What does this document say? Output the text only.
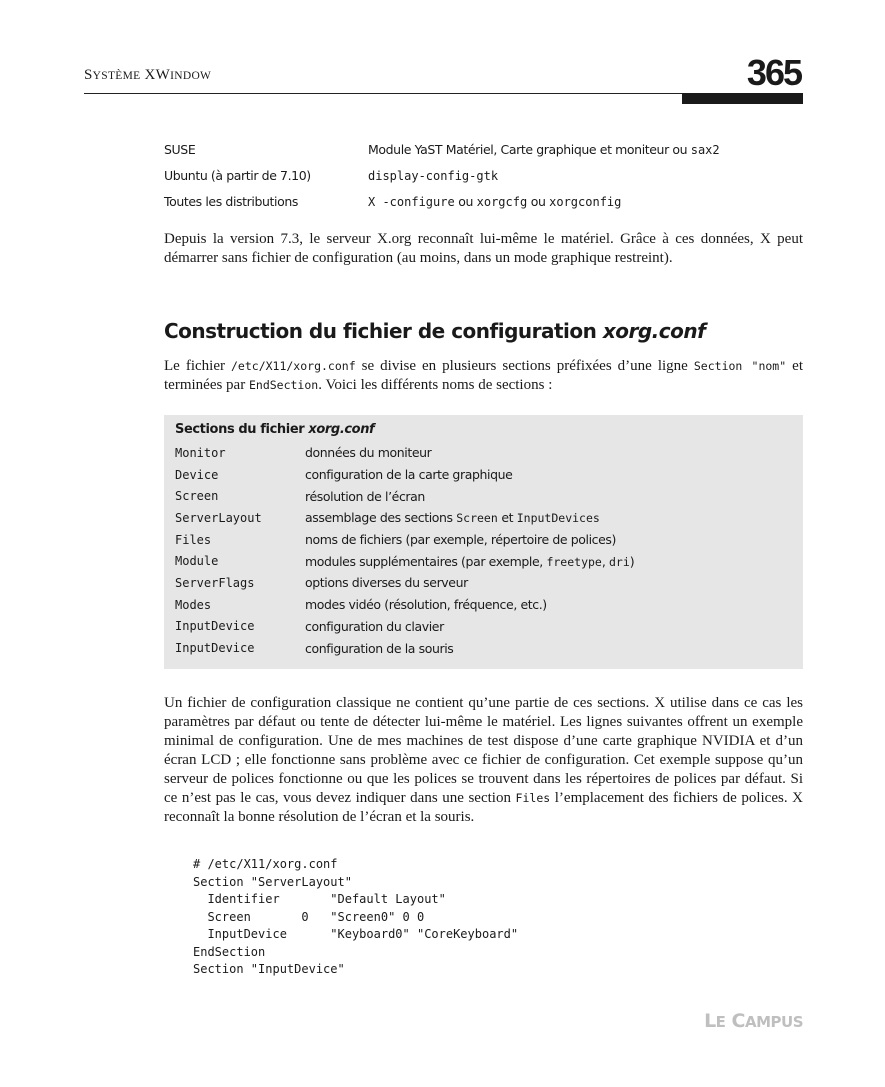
SYSTÈME XWINDOW	365
SUSE	Module YaST Matériel, Carte graphique et moniteur ou sax2
Ubuntu (à partir de 7.10)	display-config-gtk
Toutes les distributions	X -configure ou xorgcfg ou xorgconfig
Depuis la version 7.3, le serveur X.org reconnaît lui-même le matériel. Grâce à ces données, X peut démarrer sans fichier de configuration (au moins, dans un mode graphique restreint).
Construction du fichier de configuration xorg.conf
Le fichier /etc/X11/xorg.conf se divise en plusieurs sections préfixées d’une ligne Section "nom" et terminées par EndSection. Voici les différents noms de sections :
Sections du fichier xorg.conf
Monitor	données du moniteur
Device	configuration de la carte graphique
Screen	résolution de l’écran
ServerLayout	assemblage des sections Screen et InputDevices
Files	noms de fichiers (par exemple, répertoire de polices)
Module	modules supplémentaires (par exemple, freetype, dri)
ServerFlags	options diverses du serveur
Modes	modes vidéo (résolution, fréquence, etc.)
InputDevice	configuration du clavier
InputDevice	configuration de la souris
Un fichier de configuration classique ne contient qu’une partie de ces sections. X utilise dans ce cas les paramètres par défaut ou tente de détecter lui-même le matériel. Les lignes suivantes offrent un exemple minimal de configuration. Une de mes machines de test dispose d’une carte graphique NVIDIA et d’un écran LCD ; elle fonctionne sans problème avec ce fichier de configuration. Cet exemple suppose qu’un serveur de polices fonctionne ou que les polices se trouvent dans les répertoires de polices par défaut. Si ce n’est pas le cas, vous devez indiquer dans une section Files l’emplacement des fichiers de polices. X reconnaît la bonne résolution de l’écran et la souris.
# /etc/X11/xorg.conf
Section "ServerLayout"
Identifier       "Default Layout"
Screen       0   "Screen0" 0 0
InputDevice      "Keyboard0" "CoreKeyboard"
EndSection
Section "InputDevice"
LE CAMPUS
